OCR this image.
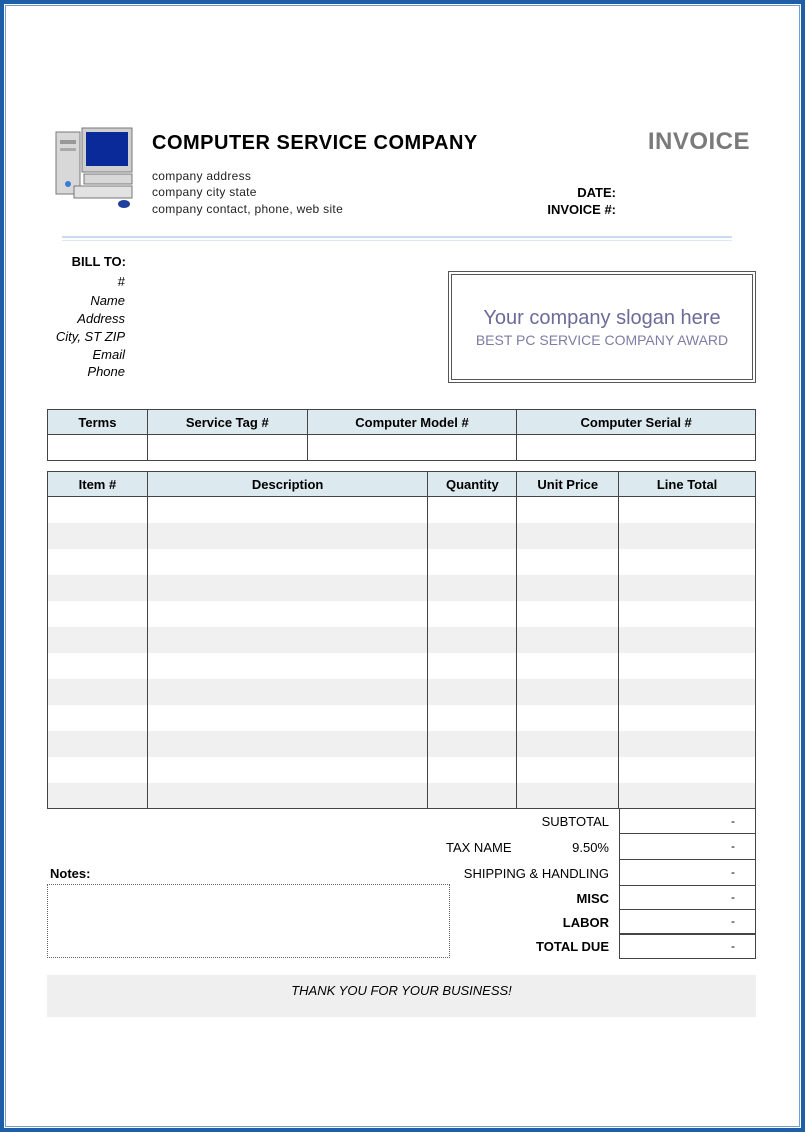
COMPUTER SERVICE COMPANY
company address
company city state
company contact, phone, web site
INVOICE
DATE:
INVOICE #:
BILL TO:
#
Name
Address
City, ST ZIP
Email
Phone
Your company slogan here
BEST PC SERVICE COMPANY AWARD
Terms	Service Tag #	Computer Model #	Computer Serial #

Item #	Description	Quantity	Unit Price	Line Total

SUBTOTAL	-
TAX NAME	9.50%	-
SHIPPING & HANDLING	-
MISC	-
LABOR	-
TOTAL DUE	-
Notes:
THANK YOU FOR YOUR BUSINESS!
